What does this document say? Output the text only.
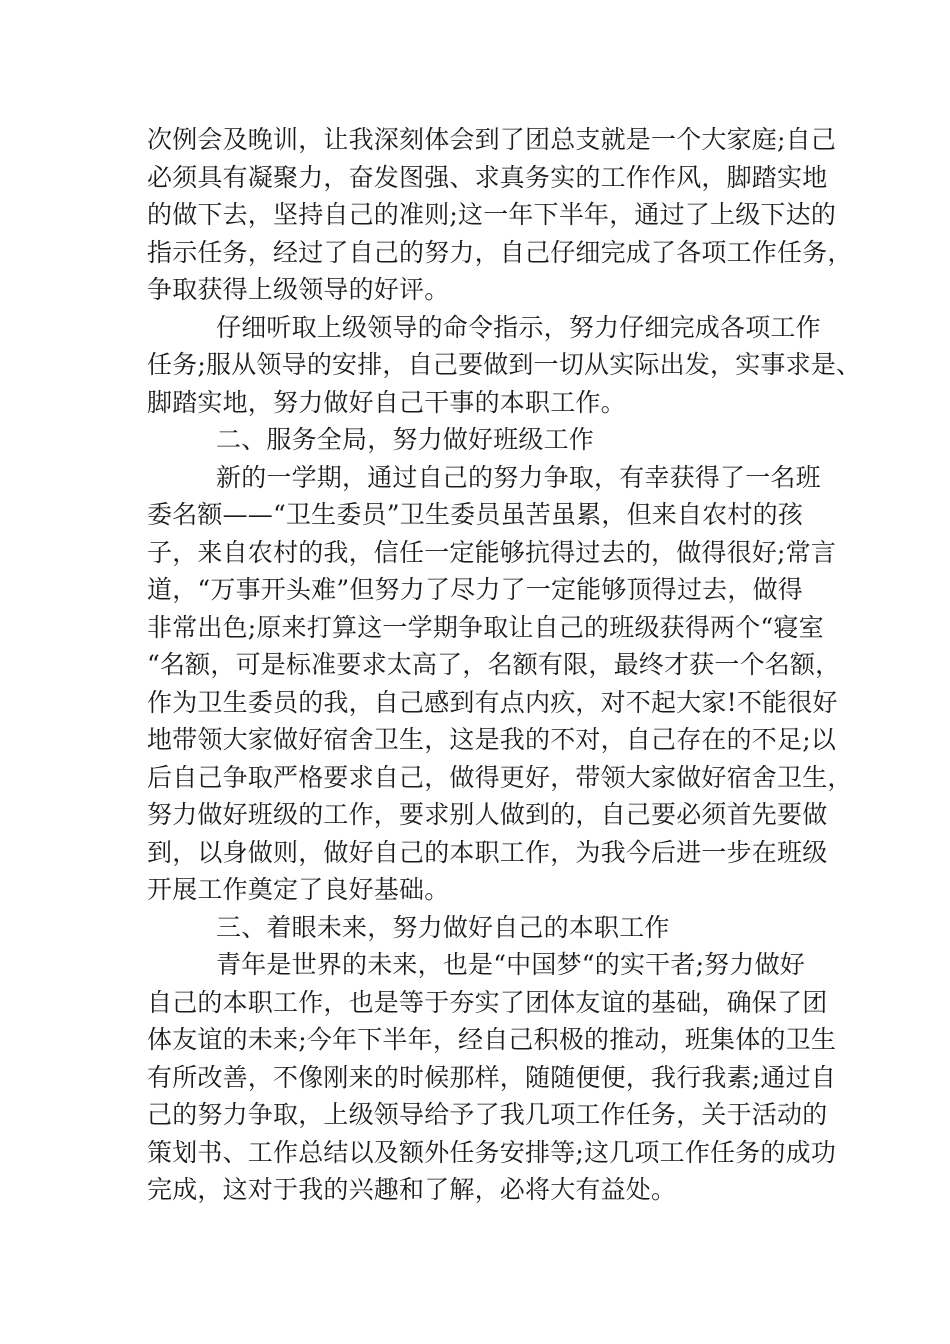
次例会及晚训，让我深刻体会到了团总支就是一个大家庭;自己

必须具有凝聚力，奋发图强、求真务实的工作作风，脚踏实地

的做下去，坚持自己的准则;这一年下半年，通过了上级下达的

指示任务，经过了自己的努力，自己仔细完成了各项工作任务，

争取获得上级领导的好评。

仔细听取上级领导的命令指示，努力仔细完成各项工作

任务;服从领导的安排，自己要做到一切从实际出发，实事求是、

脚踏实地，努力做好自己干事的本职工作。

二、服务全局，努力做好班级工作

新的一学期，通过自己的努力争取，有幸获得了一名班

委名额——“卫生委员”卫生委员虽苦虽累，但来自农村的孩

子，来自农村的我，信任一定能够抗得过去的，做得很好;常言

道，“万事开头难”但努力了尽力了一定能够顶得过去，做得

非常出色;原来打算这一学期争取让自己的班级获得两个“寝室

“名额，可是标准要求太高了，名额有限，最终才获一个名额，

作为卫生委员的我，自己感到有点内疚，对不起大家!不能很好

地带领大家做好宿舍卫生，这是我的不对，自己存在的不足;以

后自己争取严格要求自己，做得更好，带领大家做好宿舍卫生，

努力做好班级的工作，要求别人做到的，自己要必须首先要做

到，以身做则，做好自己的本职工作，为我今后进一步在班级

开展工作奠定了良好基础。

三、着眼未来，努力做好自己的本职工作

青年是世界的未来，也是“中国梦“的实干者;努力做好

自己的本职工作，也是等于夯实了团体友谊的基础，确保了团

体友谊的未来;今年下半年，经自己积极的推动，班集体的卫生

有所改善，不像刚来的时候那样，随随便便，我行我素;通过自

己的努力争取，上级领导给予了我几项工作任务，关于活动的

策划书、工作总结以及额外任务安排等;这几项工作任务的成功

完成，这对于我的兴趣和了解，必将大有益处。
